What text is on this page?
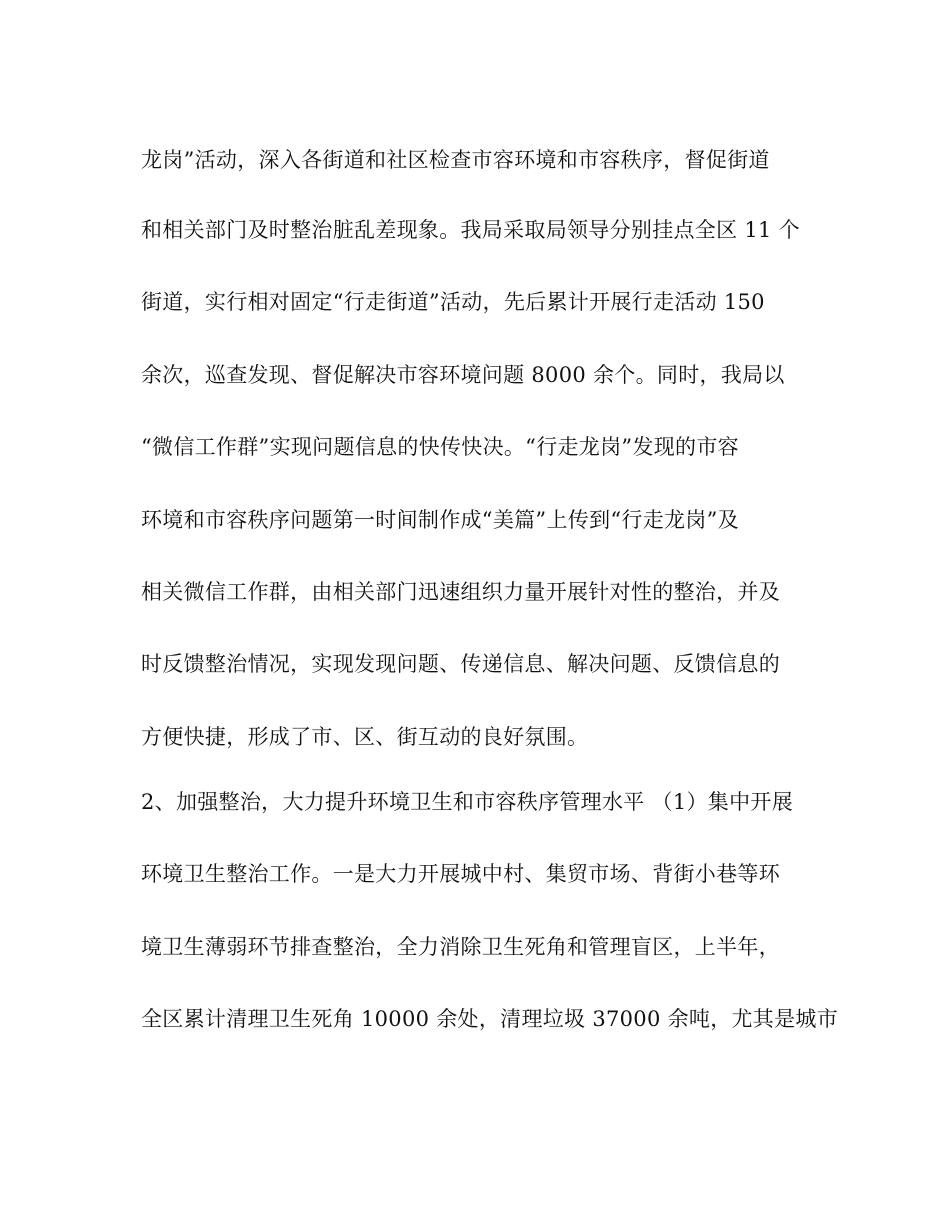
龙岗”活动，深入各街道和社区检查市容环境和市容秩序，督促街道
和相关部门及时整治脏乱差现象。我局采取局领导分别挂点全区 11 个
街道，实行相对固定“行走街道”活动，先后累计开展行走活动 150
余次，巡查发现、督促解决市容环境问题 8000 余个。同时，我局以
“微信工作群”实现问题信息的快传快决。“行走龙岗”发现的市容
环境和市容秩序问题第一时间制作成“美篇”上传到“行走龙岗”及
相关微信工作群，由相关部门迅速组织力量开展针对性的整治，并及
时反馈整治情况，实现发现问题、传递信息、解决问题、反馈信息的
方便快捷，形成了市、区、街互动的良好氛围。
2、加强整治，大力提升环境卫生和市容秩序管理水平 （1）集中开展
环境卫生整治工作。一是大力开展城中村、集贸市场、背街小巷等环
境卫生薄弱环节排查整治，全力消除卫生死角和管理盲区，上半年，
全区累计清理卫生死角 10000 余处，清理垃圾 37000 余吨，尤其是城市
